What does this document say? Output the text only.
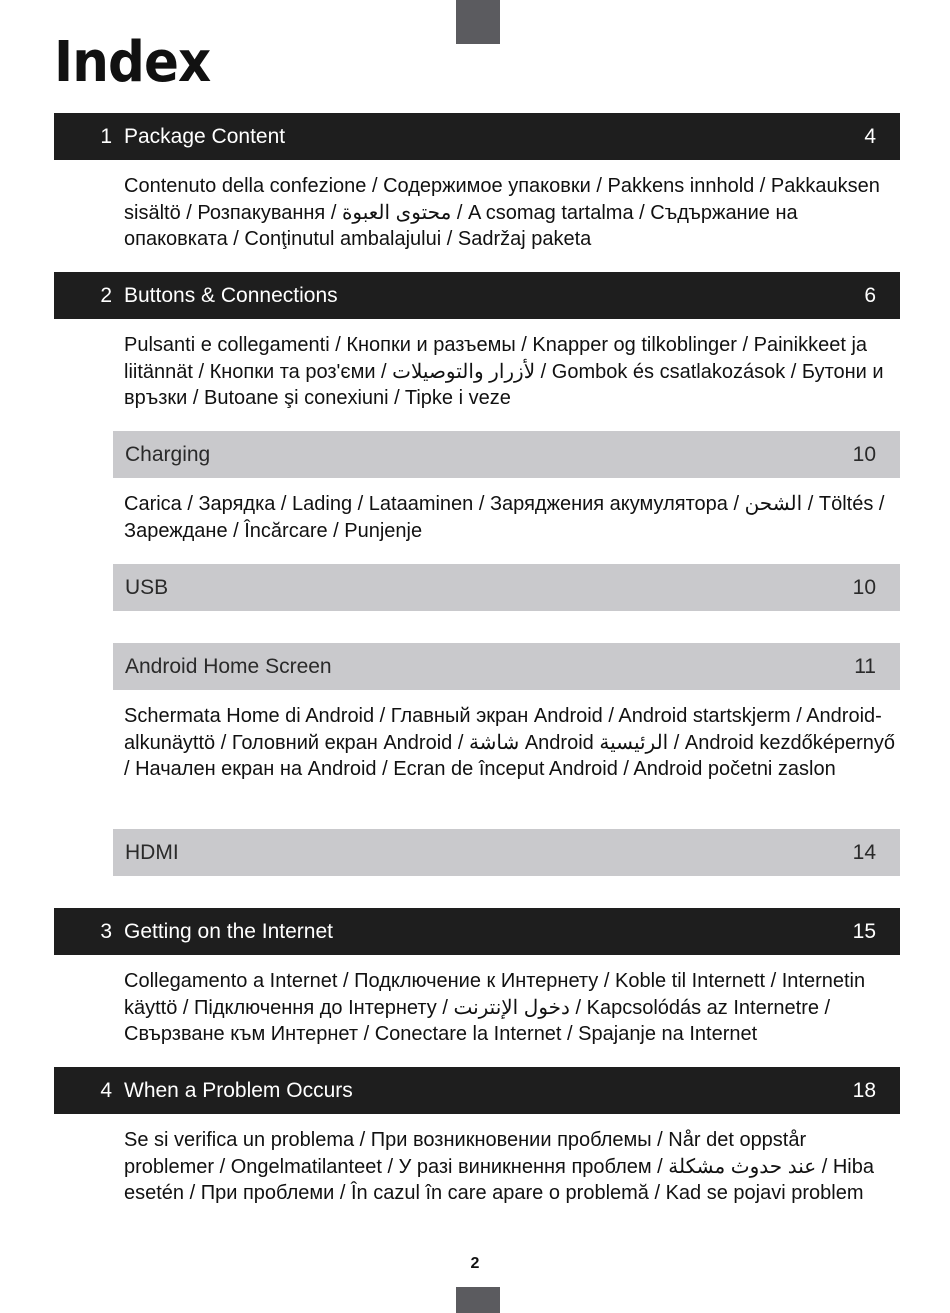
Index
1 Package Content	4

Contenuto della confezione / Содержимое упаковки / Pakkens innhold / Pakkauksen sisältö / Розпакування / محتوى العبوة / A csomag tartalma / Съдържание на опаковката / Conţinutul ambalajului / Sadržaj paketa

2 Buttons & Connections	6

Pulsanti e collegamenti / Кнопки и разъемы / Knapper og tilkoblinger / Painikkeet ja liitännät / Кнопки та роз'єми / لأزرار والتوصيلات / Gombok és csatlakozások / Бутони и връзки / Butoane şi conexiuni / Tipke i veze

Charging	10

Carica / Зарядка / Lading / Lataaminen / Заряджения акумулятора / الشحن / Töltés / Зареждане / Încărcare / Punjenje

USB	10
Android Home Screen	11

Schermata Home di Android / Главный экран Android / Android startskjerm / Android-alkunäyttö / Головний екран Android / شاشة Android الرئيسية / Android kezdőképernyő / Начален екран на Android / Ecran de început Android / Android početni zaslon

HDMI	14
3 Getting on the Internet	15

Collegamento a Internet / Подключение к Интернету / Koble til Internett / Internetin käyttö / Підключення до Інтернету / دخول الإنترنت / Kapcsolódás az Internetre / Свързване към Интернет / Conectare la Internet / Spajanje na Internet

4 When a Problem Occurs	18

Se si verifica un problema / При возникновении проблемы / Når det oppstår problemer / Ongelmatilanteet / У разі виникнення проблем / عند حدوث مشكلة / Hiba esetén / При проблеми / În cazul în care apare o problemă / Kad se pojavi problem

2
